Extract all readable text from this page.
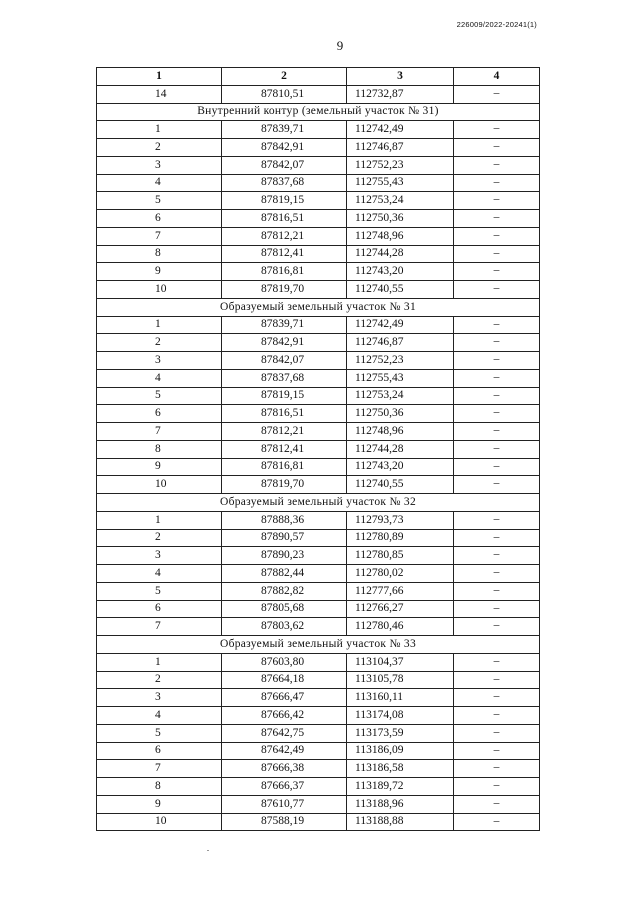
226009/2022-20241(1)
9
1	2	3	4
14	87810,51	112732,87	–
Внутренний контур (земельный участок № 31)			
1	87839,71	112742,49	–
2	87842,91	112746,87	–
3	87842,07	112752,23	–
4	87837,68	112755,43	–
5	87819,15	112753,24	–
6	87816,51	112750,36	–
7	87812,21	112748,96	–
8	87812,41	112744,28	–
9	87816,81	112743,20	–
10	87819,70	112740,55	–
Образуемый земельный участок № 31			
1	87839,71	112742,49	–
2	87842,91	112746,87	–
3	87842,07	112752,23	–
4	87837,68	112755,43	–
5	87819,15	112753,24	–
6	87816,51	112750,36	–
7	87812,21	112748,96	–
8	87812,41	112744,28	–
9	87816,81	112743,20	–
10	87819,70	112740,55	–
Образуемый земельный участок № 32			
1	87888,36	112793,73	–
2	87890,57	112780,89	–
3	87890,23	112780,85	–
4	87882,44	112780,02	–
5	87882,82	112777,66	–
6	87805,68	112766,27	–
7	87803,62	112780,46	–
Образуемый земельный участок № 33			
1	87603,80	113104,37	–
2	87664,18	113105,78	–
3	87666,47	113160,11	–
4	87666,42	113174,08	–
5	87642,75	113173,59	–
6	87642,49	113186,09	–
7	87666,38	113186,58	–
8	87666,37	113189,72	–
9	87610,77	113188,96	–
10	87588,19	113188,88	–
